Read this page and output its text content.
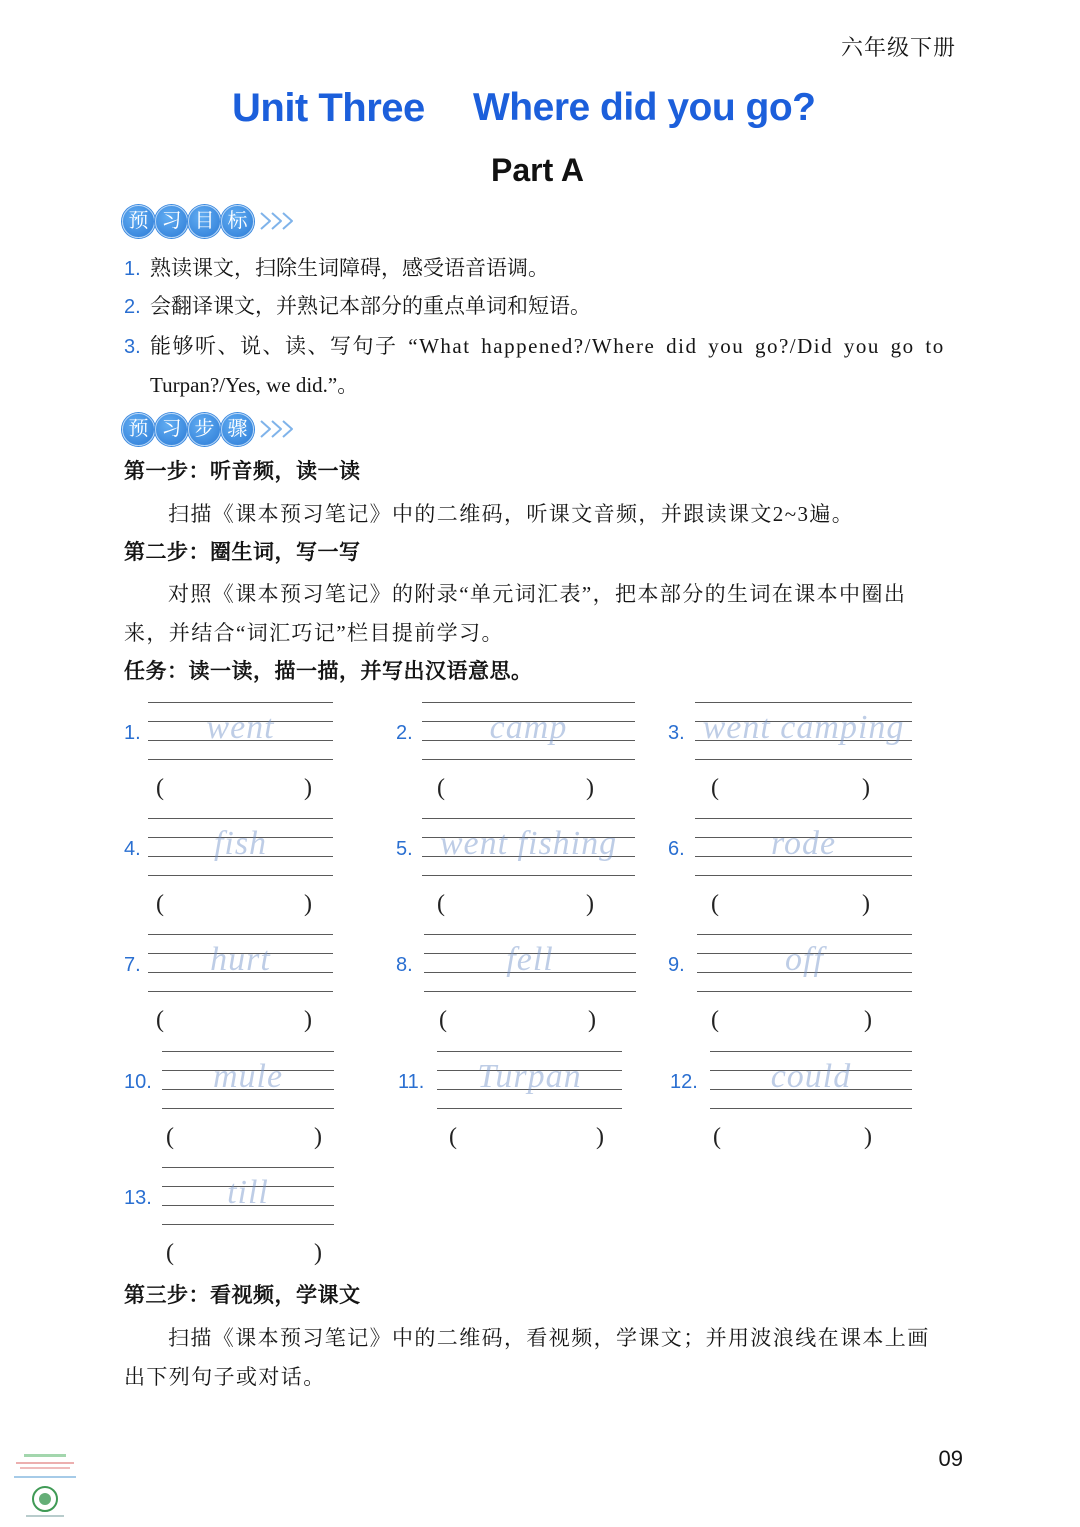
六年级下册
Unit Three Where did you go?
Part A
预 习 目 标
1. 熟读课文，扫除生词障碍，感受语音语调。
2. 会翻译课文，并熟记本部分的重点单词和短语。
3. 能够听、说、读、写句子 “What happened?/Where did you go?/Did you go to
Turpan?/Yes, we did.”。
预 习 步 骤
第一步：听音频，读一读
扫描《课本预习笔记》中的二维码，听课文音频，并跟读课文2~3遍。
第二步：圈生词，写一写
对照《课本预习笔记》的附录“单元词汇表”，把本部分的生词在课本中圈出
来，并结合“词汇巧记”栏目提前学习。
任务：读一读，描一描，并写出汉语意思。
1.	went
(	)
2.	camp
(	)
3. went camping
(	)
4.	fish
(	)
5. went fishing
(	)
6.	rode
(	)
7.	hurt
(	)
8.	fell
(	)
9.	off
(	)
10.	mule
(	)
11.	Turpan
(	)
12.	could
(	)
13.	till
(	)
第三步：看视频，学课文
扫描《课本预习笔记》中的二维码，看视频，学课文；并用波浪线在课本上画
出下列句子或对话。
09
